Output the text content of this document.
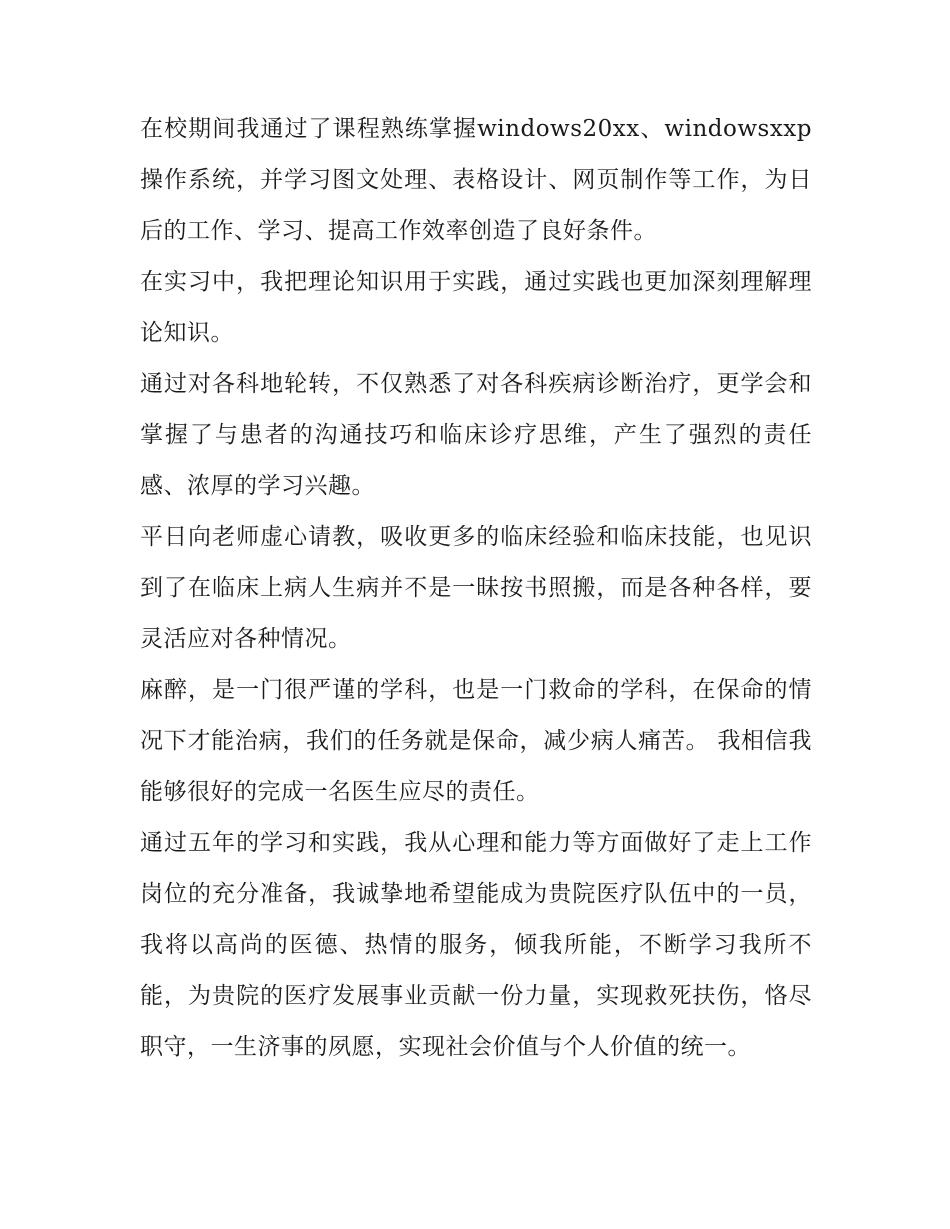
在校期间我通过了课程熟练掌握windows20xx、windowsxxp操作系统，并学习图文处理、表格设计、网页制作等工作，为日后的工作、学习、提高工作效率创造了良好条件。

在实习中，我把理论知识用于实践，通过实践也更加深刻理解理论知识。

通过对各科地轮转，不仅熟悉了对各科疾病诊断治疗，更学会和掌握了与患者的沟通技巧和临床诊疗思维，产生了强烈的责任感、浓厚的学习兴趣。

平日向老师虚心请教，吸收更多的临床经验和临床技能，也见识到了在临床上病人生病并不是一昧按书照搬，而是各种各样，要灵活应对各种情况。

麻醉，是一门很严谨的学科，也是一门救命的学科，在保命的情况下才能治病，我们的任务就是保命，减少病人痛苦。 我相信我能够很好的完成一名医生应尽的责任。

通过五年的学习和实践，我从心理和能力等方面做好了走上工作岗位的充分准备，我诚挚地希望能成为贵院医疗队伍中的一员，我将以高尚的医德、热情的服务，倾我所能，不断学习我所不能，为贵院的医疗发展事业贡献一份力量，实现救死扶伤，恪尽职守，一生济事的夙愿，实现社会价值与个人价值的统一。
